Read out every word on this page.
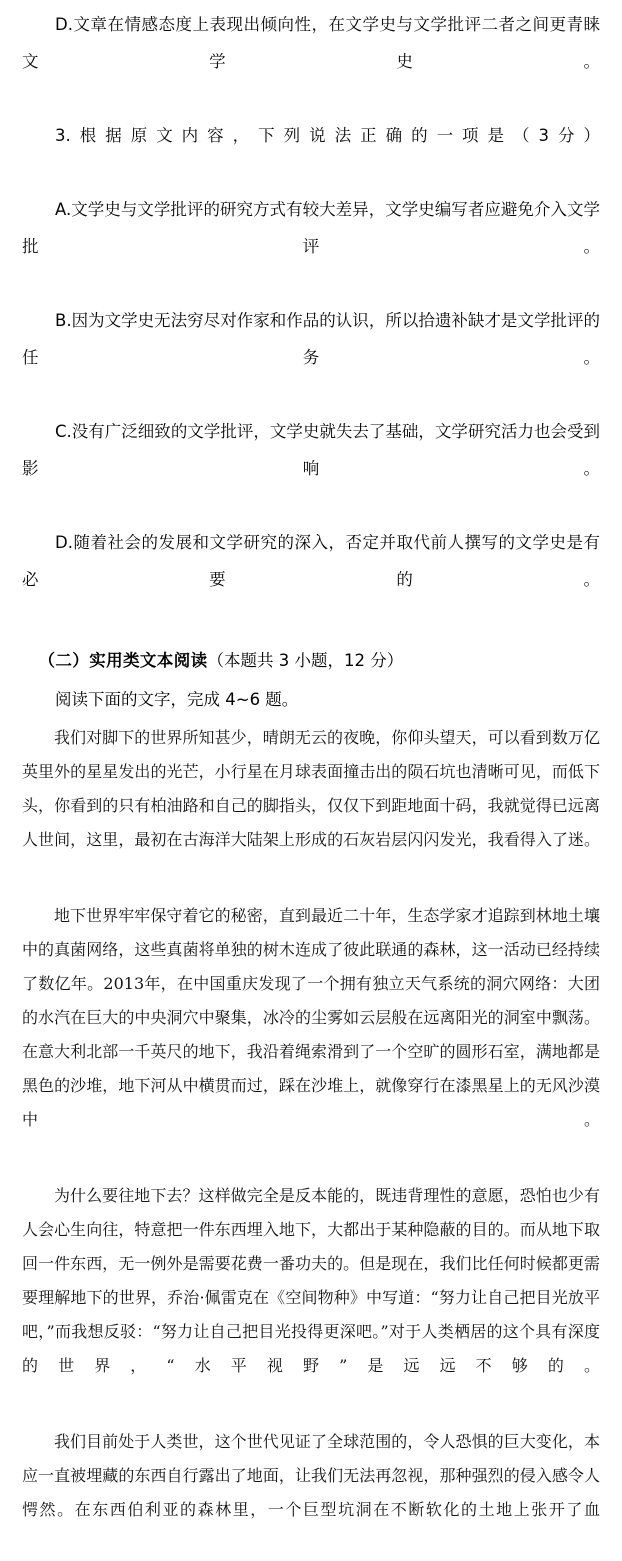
D.文章在情感态度上表现出倾向性，在文学史与文学批评二者之间更青睐文学史。

3.根据原文内容，下列说法正确的一项是（3分）

A.文学史与文学批评的研究方式有较大差异，文学史编写者应避免介入文学批评。

B.因为文学史无法穷尽对作家和作品的认识，所以拾遗补缺才是文学批评的任务。

C.没有广泛细致的文学批评，文学史就失去了基础，文学研究活力也会受到影响。

D.随着社会的发展和文学研究的深入，否定并取代前人撰写的文学史是有必要的。

（二）实用类文本阅读（本题共 3 小题，12 分）
阅读下面的文字，完成 4~6 题。

我们对脚下的世界所知甚少，晴朗无云的夜晚，你仰头望天，可以看到数万亿英里外的星星发出的光芒，小行星在月球表面撞击出的陨石坑也清晰可见，而低下头，你看到的只有柏油路和自己的脚指头，仅仅下到距地面十码，我就觉得已远离人世间，这里，最初在古海洋大陆架上形成的石灰岩层闪闪发光，我看得入了迷。

地下世界牢牢保守着它的秘密，直到最近二十年，生态学家才追踪到林地土壤中的真菌网络，这些真菌将单独的树木连成了彼此联通的森林，这一活动已经持续了数亿年。2013年，在中国重庆发现了一个拥有独立天气系统的洞穴网络：大团的水汽在巨大的中央洞穴中聚集，冰冷的尘雾如云层般在远离阳光的洞室中飘荡。在意大利北部一千英尺的地下，我沿着绳索滑到了一个空旷的圆形石室，满地都是黑色的沙堆，地下河从中横贯而过，踩在沙堆上，就像穿行在漆黑星上的无风沙漠中。

为什么要往地下去？这样做完全是反本能的，既违背理性的意愿，恐怕也少有人会心生向往，特意把一件东西埋入地下，大都出于某种隐蔽的目的。而从地下取回一件东西，无一例外是需要花费一番功夫的。但是现在，我们比任何时候都更需要理解地下的世界，乔治·佩雷克在《空间物种》中写道：“努力让自己把目光放平吧，”而我想反驳：“努力让自己把目光投得更深吧。”对于人类栖居的这个具有深度的世界，“水平视野”是远远不够的。

我们目前处于人类世，这个世代见证了全球范围的，令人恐惧的巨大变化，本应一直被埋藏的东西自行露出了地面，让我们无法再忽视，那种强烈的侵入感令人愕然。在东西伯利亚的森林里，一个巨型坑洞在不断软化的土地上张开了血
